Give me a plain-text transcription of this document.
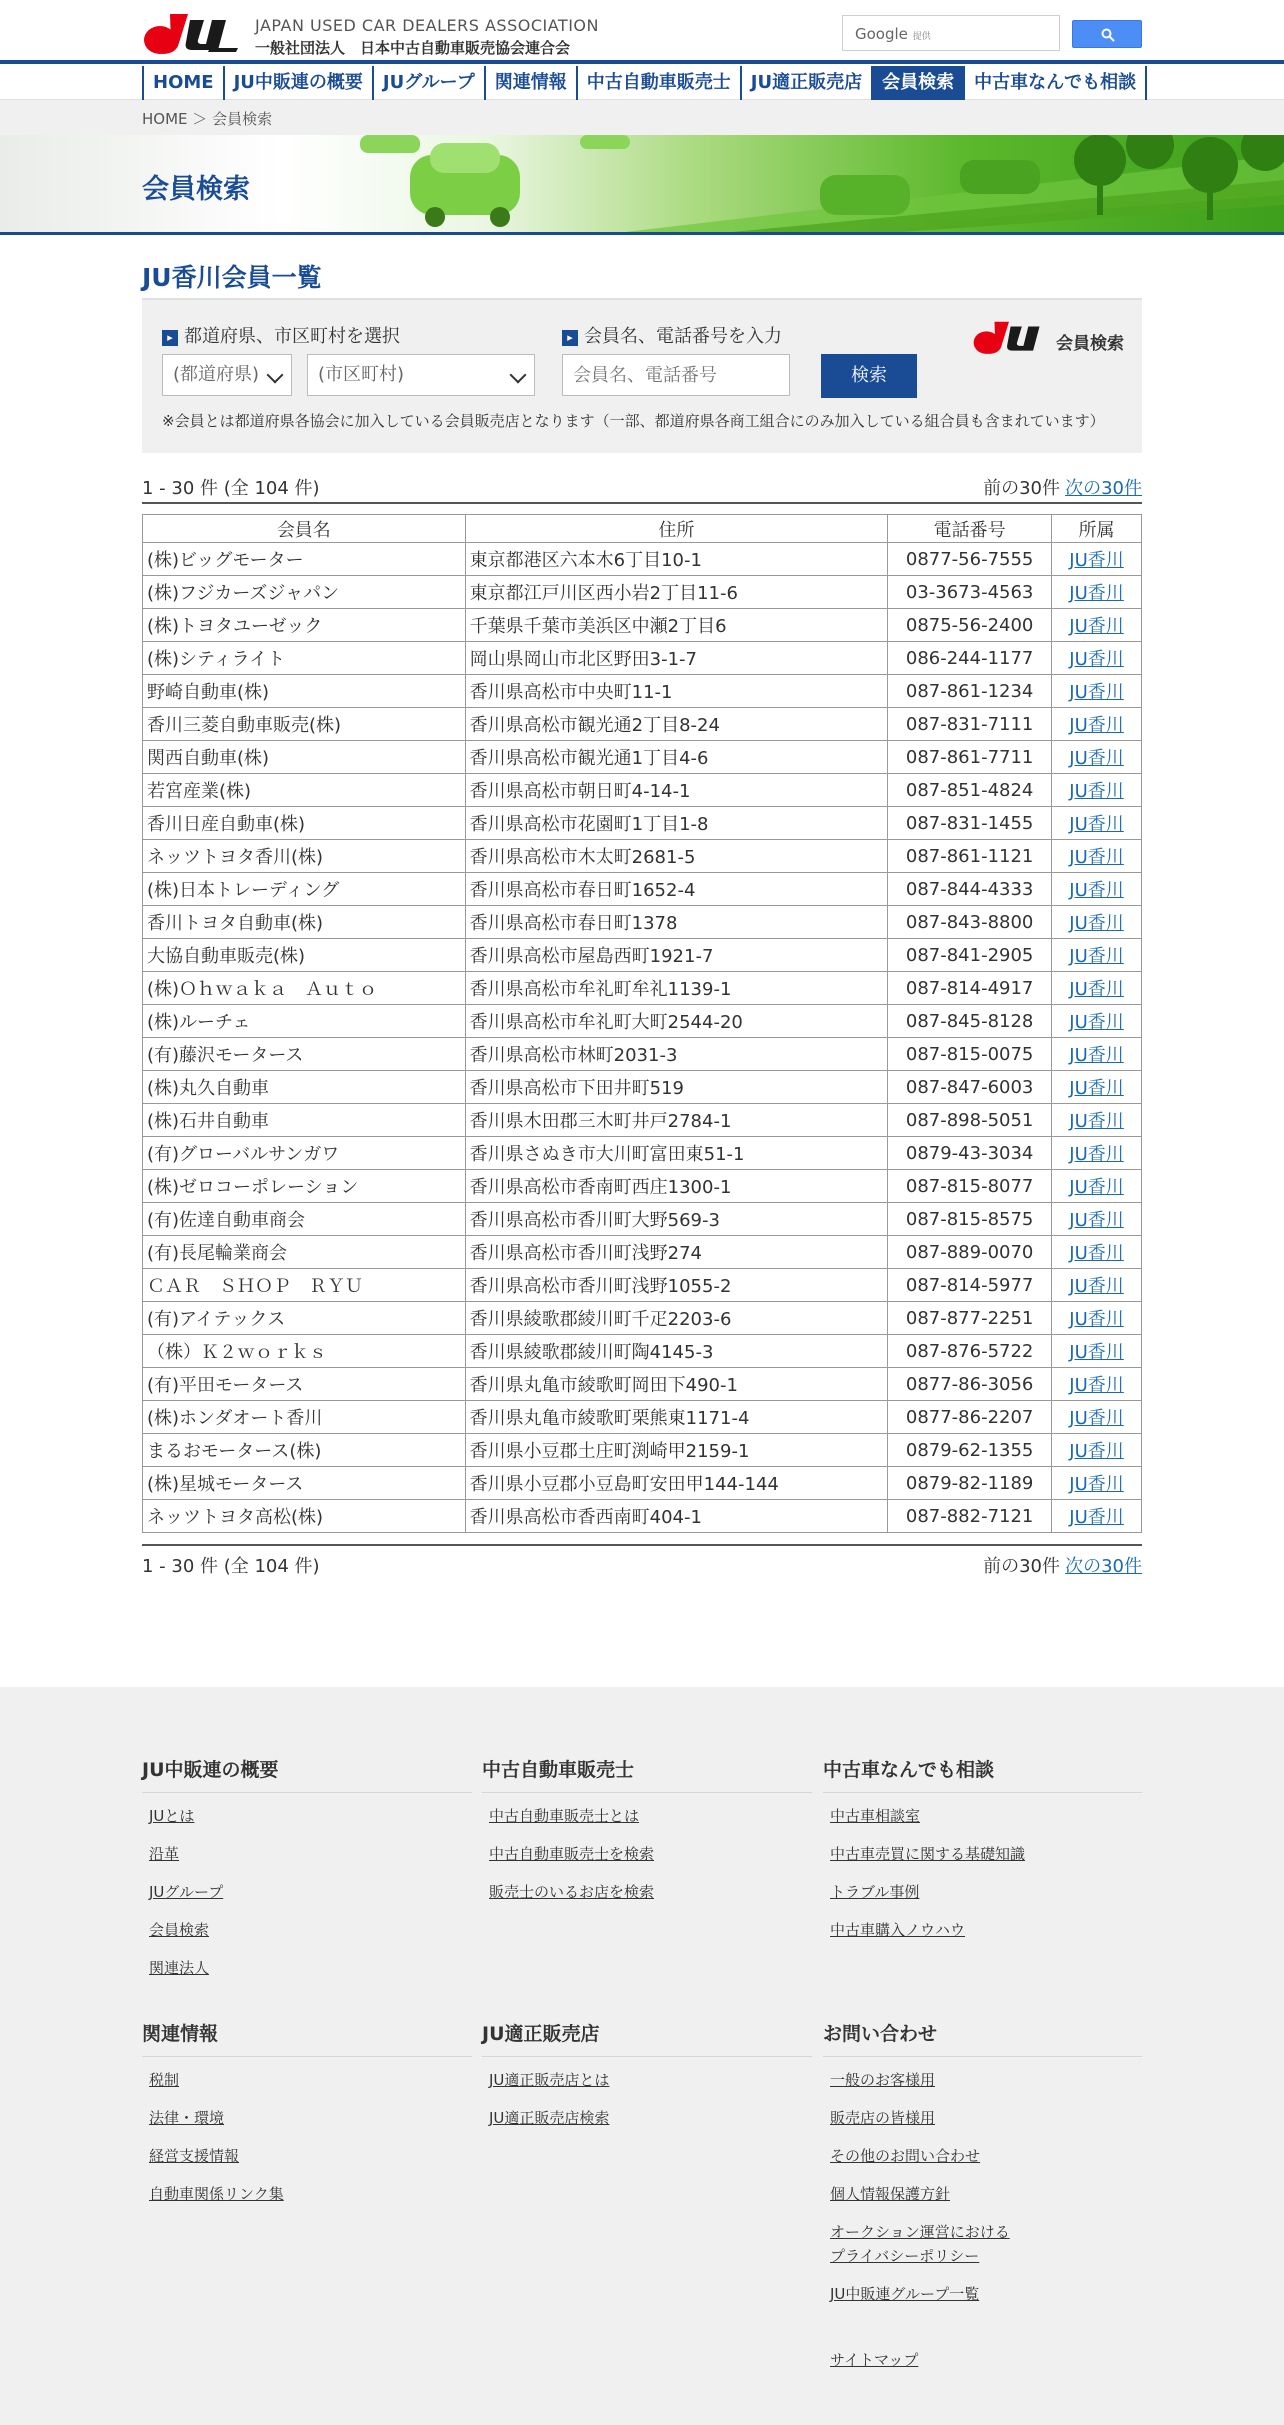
JAPAN USED CAR DEALERS ASSOCIATION
一般社団法人　日本中古自動車販売協会連合会
Google 提供
HOME	JU中販連の概要	JUグループ	関連情報	中古自動車販売士	JU適正販売店	会員検索	中古車なんでも相談
HOME ＞ 会員検索
会員検索
JU香川会員一覧
▸ 都道府県、市区町村を選択
(都道府県)	(市区町村)
▸ 会員名、電話番号を入力
会員名、電話番号
検索
会員検索
※会員とは都道府県各協会に加入している会員販売店となります（一部、都道府県各商工組合にのみ加入している組合員も含まれています）
1 - 30 件 (全 104 件)	前の30件 次の30件
会員名	住所	電話番号	所属
(株)ビッグモーター	東京都港区六本木6丁目10-1	0877-56-7555	JU香川
(株)フジカーズジャパン	東京都江戸川区西小岩2丁目11-6	03-3673-4563	JU香川
(株)トヨタユーゼック	千葉県千葉市美浜区中瀬2丁目6	0875-56-2400	JU香川
(株)シティライト	岡山県岡山市北区野田3-1-7	086-244-1177	JU香川
野崎自動車(株)	香川県高松市中央町11-1	087-861-1234	JU香川
香川三菱自動車販売(株)	香川県高松市観光通2丁目8-24	087-831-7111	JU香川
関西自動車(株)	香川県高松市観光通1丁目4-6	087-861-7711	JU香川
若宮産業(株)	香川県高松市朝日町4-14-1	087-851-4824	JU香川
香川日産自動車(株)	香川県高松市花園町1丁目1-8	087-831-1455	JU香川
ネッツトヨタ香川(株)	香川県高松市木太町2681-5	087-861-1121	JU香川
(株)日本トレーディング	香川県高松市春日町1652-4	087-844-4333	JU香川
香川トヨタ自動車(株)	香川県高松市春日町1378	087-843-8800	JU香川
大協自動車販売(株)	香川県高松市屋島西町1921-7	087-841-2905	JU香川
(株)Ｏｈｗａｋａ　Ａｕｔｏ	香川県高松市牟礼町牟礼1139-1	087-814-4917	JU香川
(株)ルーチェ	香川県高松市牟礼町大町2544-20	087-845-8128	JU香川
(有)藤沢モータース	香川県高松市林町2031-3	087-815-0075	JU香川
(株)丸久自動車	香川県高松市下田井町519	087-847-6003	JU香川
(株)石井自動車	香川県木田郡三木町井戸2784-1	087-898-5051	JU香川
(有)グローバルサンガワ	香川県さぬき市大川町富田東51-1	0879-43-3034	JU香川
(株)ゼロコーポレーション	香川県高松市香南町西庄1300-1	087-815-8077	JU香川
(有)佐達自動車商会	香川県高松市香川町大野569-3	087-815-8575	JU香川
(有)長尾輪業商会	香川県高松市香川町浅野274	087-889-0070	JU香川
ＣＡＲ　ＳＨＯＰ　ＲＹＵ	香川県高松市香川町浅野1055-2	087-814-5977	JU香川
(有)アイテックス	香川県綾歌郡綾川町千疋2203-6	087-877-2251	JU香川
（株）Ｋ２ｗｏｒｋｓ	香川県綾歌郡綾川町陶4145-3	087-876-5722	JU香川
(有)平田モータース	香川県丸亀市綾歌町岡田下490-1	0877-86-3056	JU香川
(株)ホンダオート香川	香川県丸亀市綾歌町栗熊東1171-4	0877-86-2207	JU香川
まるおモータース(株)	香川県小豆郡土庄町渕崎甲2159-1	0879-62-1355	JU香川
(株)星城モータース	香川県小豆郡小豆島町安田甲144-144	0879-82-1189	JU香川
ネッツトヨタ高松(株)	香川県高松市香西南町404-1	087-882-7121	JU香川
1 - 30 件 (全 104 件)	前の30件 次の30件
JU中販連の概要
JUとは
沿革
JUグループ
会員検索
関連法人
中古自動車販売士
中古自動車販売士とは
中古自動車販売士を検索
販売士のいるお店を検索
中古車なんでも相談
中古車相談室
中古車売買に関する基礎知識
トラブル事例
中古車購入ノウハウ
関連情報
税制
法律・環境
経営支援情報
自動車関係リンク集
JU適正販売店
JU適正販売店とは
JU適正販売店検索
お問い合わせ
一般のお客様用
販売店の皆様用
その他のお問い合わせ
個人情報保護方針
オークション運営における
プライバシーポリシー
JU中販連グループ一覧
サイトマップ
